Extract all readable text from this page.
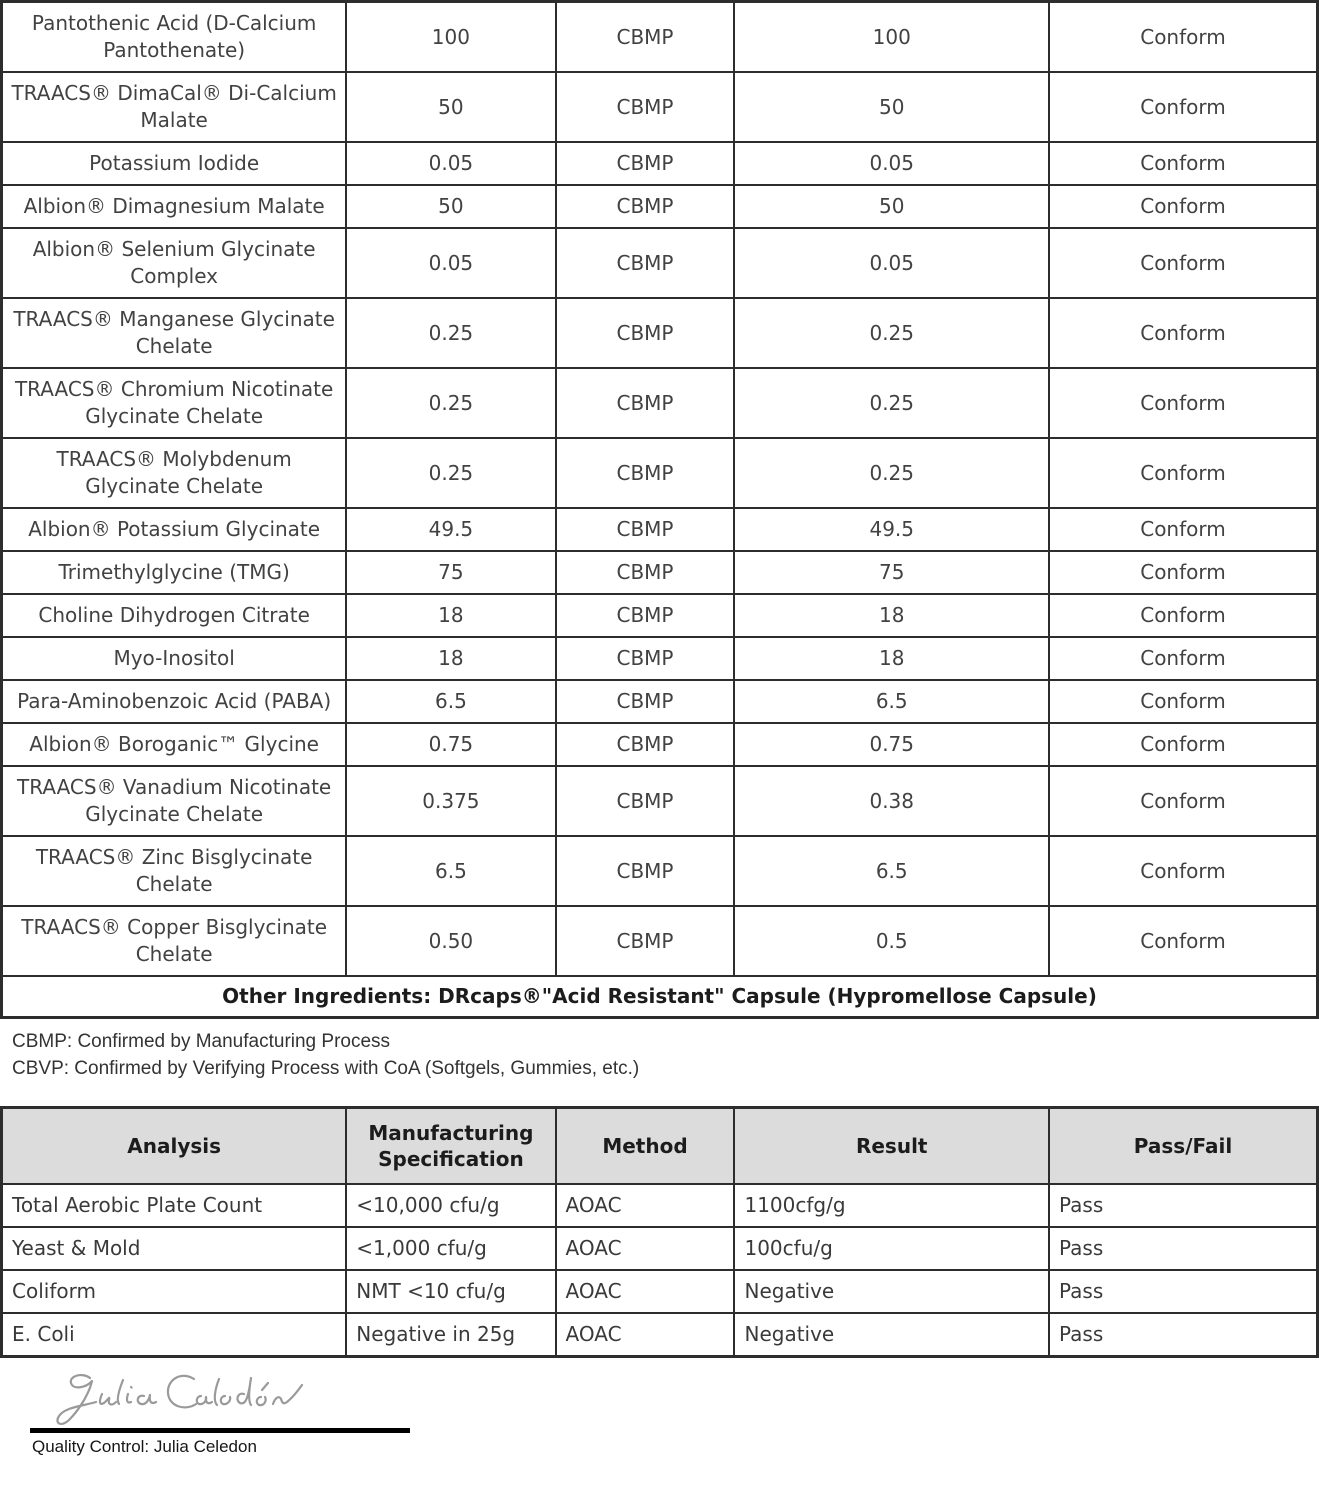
Pantothenic Acid (D-Calcium Pantothenate)	100	CBMP	100	Conform
TRAACS® DimaCal® Di-Calcium Malate	50	CBMP	50	Conform
Potassium Iodide	0.05	CBMP	0.05	Conform
Albion® Dimagnesium Malate	50	CBMP	50	Conform
Albion® Selenium Glycinate Complex	0.05	CBMP	0.05	Conform
TRAACS® Manganese Glycinate Chelate	0.25	CBMP	0.25	Conform
TRAACS® Chromium Nicotinate Glycinate Chelate	0.25	CBMP	0.25	Conform
TRAACS® Molybdenum Glycinate Chelate	0.25	CBMP	0.25	Conform
Albion® Potassium Glycinate	49.5	CBMP	49.5	Conform
Trimethylglycine (TMG)	75	CBMP	75	Conform
Choline Dihydrogen Citrate	18	CBMP	18	Conform
Myo-Inositol	18	CBMP	18	Conform
Para-Aminobenzoic Acid (PABA)	6.5	CBMP	6.5	Conform
Albion® Boroganic™ Glycine	0.75	CBMP	0.75	Conform
TRAACS® Vanadium Nicotinate Glycinate Chelate	0.375	CBMP	0.38	Conform
TRAACS® Zinc Bisglycinate Chelate	6.5	CBMP	6.5	Conform
TRAACS® Copper Bisglycinate Chelate	0.50	CBMP	0.5	Conform
Other Ingredients: DRcaps®"Acid Resistant" Capsule (Hypromellose Capsule)				
CBMP: Confirmed by Manufacturing Process
CBVP: Confirmed by Verifying Process with CoA (Softgels, Gummies, etc.)
Analysis	Manufacturing Specification	Method	Result	Pass/Fail
Total Aerobic Plate Count	<10,000 cfu/g	AOAC	1100cfg/g	Pass
Yeast & Mold	<1,000 cfu/g	AOAC	100cfu/g	Pass
Coliform	NMT <10 cfu/g	AOAC	Negative	Pass
E. Coli	Negative in 25g	AOAC	Negative	Pass
Quality Control: Julia Celedon
